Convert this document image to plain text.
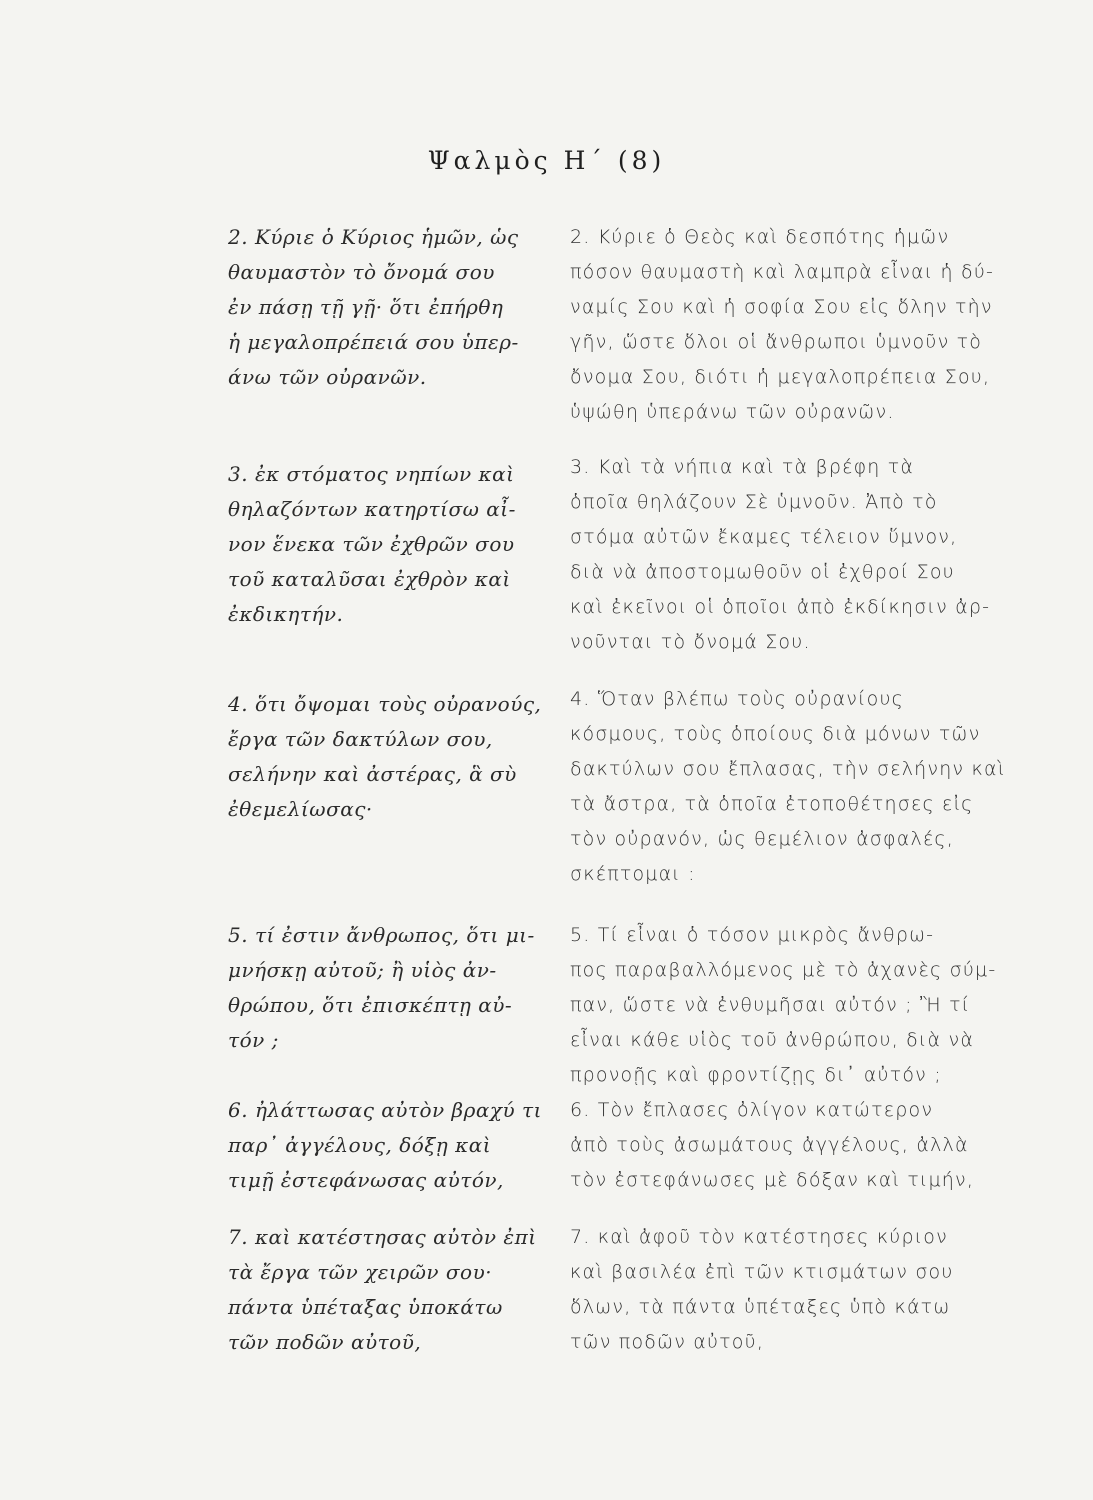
Ψαλμὸς Η΄ (8)

2. Κύριε ὁ Κύριος ἡμῶν, ὡς
θαυμαστὸν τὸ ὄνομά σου
ἐν πάσῃ τῇ γῇ· ὅτι ἐπήρθη
ἡ μεγαλοπρέπειά σου ὑπερ-
άνω τῶν οὐρανῶν.

3. ἐκ στόματος νηπίων καὶ
θηλαζόντων κατηρτίσω αἶ-
νον ἕνεκα τῶν ἐχθρῶν σου
τοῦ καταλῦσαι ἐχθρὸν καὶ
ἐκδικητήν.

4. ὅτι ὄψομαι τοὺς οὐρανούς,
ἔργα τῶν δακτύλων σου,
σελήνην καὶ ἀστέρας, ἃ σὺ
ἐθεμελίωσας·

5. τί ἐστιν ἄνθρωπος, ὅτι μι-
μνήσκῃ αὐτοῦ; ἢ υἱὸς ἀν-
θρώπου, ὅτι ἐπισκέπτῃ αὐ-
τόν ;

6. ἠλάττωσας αὐτὸν βραχύ τι
παρ᾽ ἀγγέλους, δόξῃ καὶ
τιμῇ ἐστεφάνωσας αὐτόν,

7. καὶ κατέστησας αὐτὸν ἐπὶ
τὰ ἔργα τῶν χειρῶν σου·
πάντα ὑπέταξας ὑποκάτω
τῶν ποδῶν αὐτοῦ,

2. Κύριε ὁ Θεὸς καὶ δεσπότης ἡμῶν
πόσον θαυμαστὴ καὶ λαμπρὰ εἶναι ἡ δύ-
ναμίς Σου καὶ ἡ σοφία Σου εἰς ὅλην τὴν
γῆν, ὥστε ὅλοι οἱ ἄνθρωποι ὑμνοῦν τὸ
ὄνομα Σου, διότι ἡ μεγαλοπρέπεια Σου,
ὑψώθη ὑπεράνω τῶν οὐρανῶν.

3. Καὶ τὰ νήπια καὶ τὰ βρέφη τὰ
ὁποῖα θηλάζουν Σὲ ὑμνοῦν. Ἀπὸ τὸ
στόμα αὐτῶν ἔκαμες τέλειον ὕμνον,
διὰ νὰ ἀποστομωθοῦν οἱ ἐχθροί Σου
καὶ ἐκεῖνοι οἱ ὁποῖοι ἀπὸ ἐκδίκησιν ἀρ-
νοῦνται τὸ ὄνομά Σου.

4. Ὅταν βλέπω τοὺς οὐρανίους
κόσμους, τοὺς ὁποίους διὰ μόνων τῶν
δακτύλων σου ἔπλασας, τὴν σελήνην καὶ
τὰ ἄστρα, τὰ ὁποῖα ἐτοποθέτησες εἰς
τὸν οὐρανόν, ὡς θεμέλιον ἀσφαλές,
σκέπτομαι :

5. Τί εἶναι ὁ τόσον μικρὸς ἄνθρω-
πος παραβαλλόμενος μὲ τὸ ἀχανὲς σύμ-
παν, ὥστε νὰ ἐνθυμῆσαι αὐτόν ; Ἢ τί
εἶναι κάθε υἱὸς τοῦ ἀνθρώπου, διὰ νὰ
προνοῇς καὶ φροντίζῃς δι᾽ αὐτόν ;
6. Τὸν ἔπλασες ὀλίγον κατώτερον
ἀπὸ τοὺς ἀσωμάτους ἀγγέλους, ἀλλὰ
τὸν ἐστεφάνωσες μὲ δόξαν καὶ τιμήν,

7. καὶ ἀφοῦ τὸν κατέστησες κύριον
καὶ βασιλέα ἐπὶ τῶν κτισμάτων σου
ὅλων, τὰ πάντα ὑπέταξες ὑπὸ κάτω
τῶν ποδῶν αὐτοῦ,
